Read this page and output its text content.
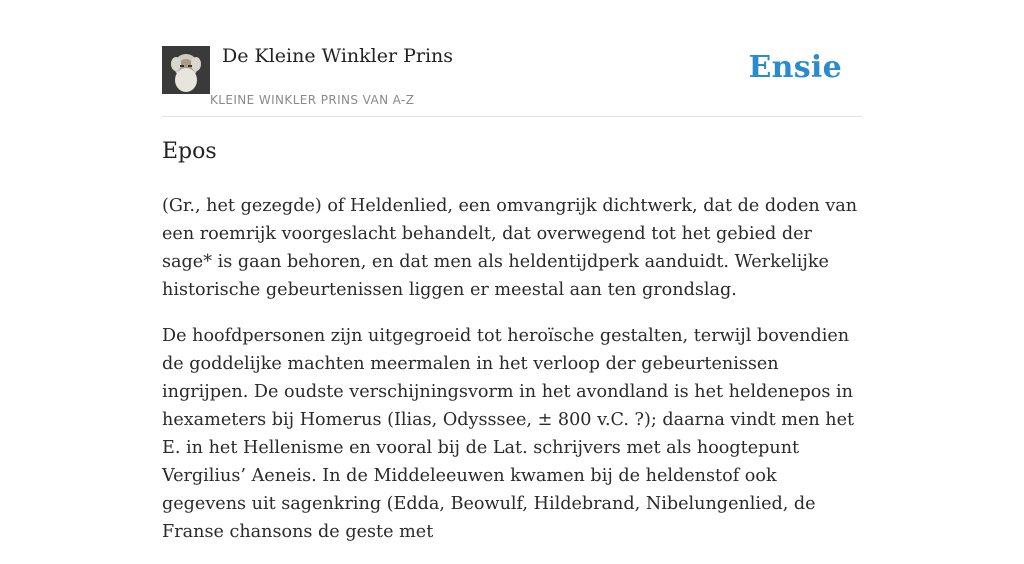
De Kleine Winkler Prins
KLEINE WINKLER PRINS VAN A-Z
Ensie
Epos

(Gr., het gezegde) of Heldenlied, een omvangrijk dichtwerk, dat de doden van een roemrijk voorgeslacht behandelt, dat overwegend tot het gebied der sage* is gaan behoren, en dat men als heldentijdperk aanduidt. Werkelijke historische gebeurtenissen liggen er meestal aan ten grondslag.

De hoofdpersonen zijn uitgegroeid tot heroïsche gestalten, terwijl bovendien de goddelijke machten meermalen in het verloop der gebeurtenissen ingrijpen. De oudste verschijningsvorm in het avondland is het heldenepos in hexameters bij Homerus (Ilias, Odysssee, ± 800 v.C. ?); daarna vindt men het E. in het Hellenisme en vooral bij de Lat. schrijvers met als hoogtepunt Vergilius’ Aeneis. In de Middeleeuwen kwamen bij de heldenstof ook gegevens uit sagenkring (Edda, Beowulf, Hildebrand, Nibelungenlied, de Franse chansons de geste met
